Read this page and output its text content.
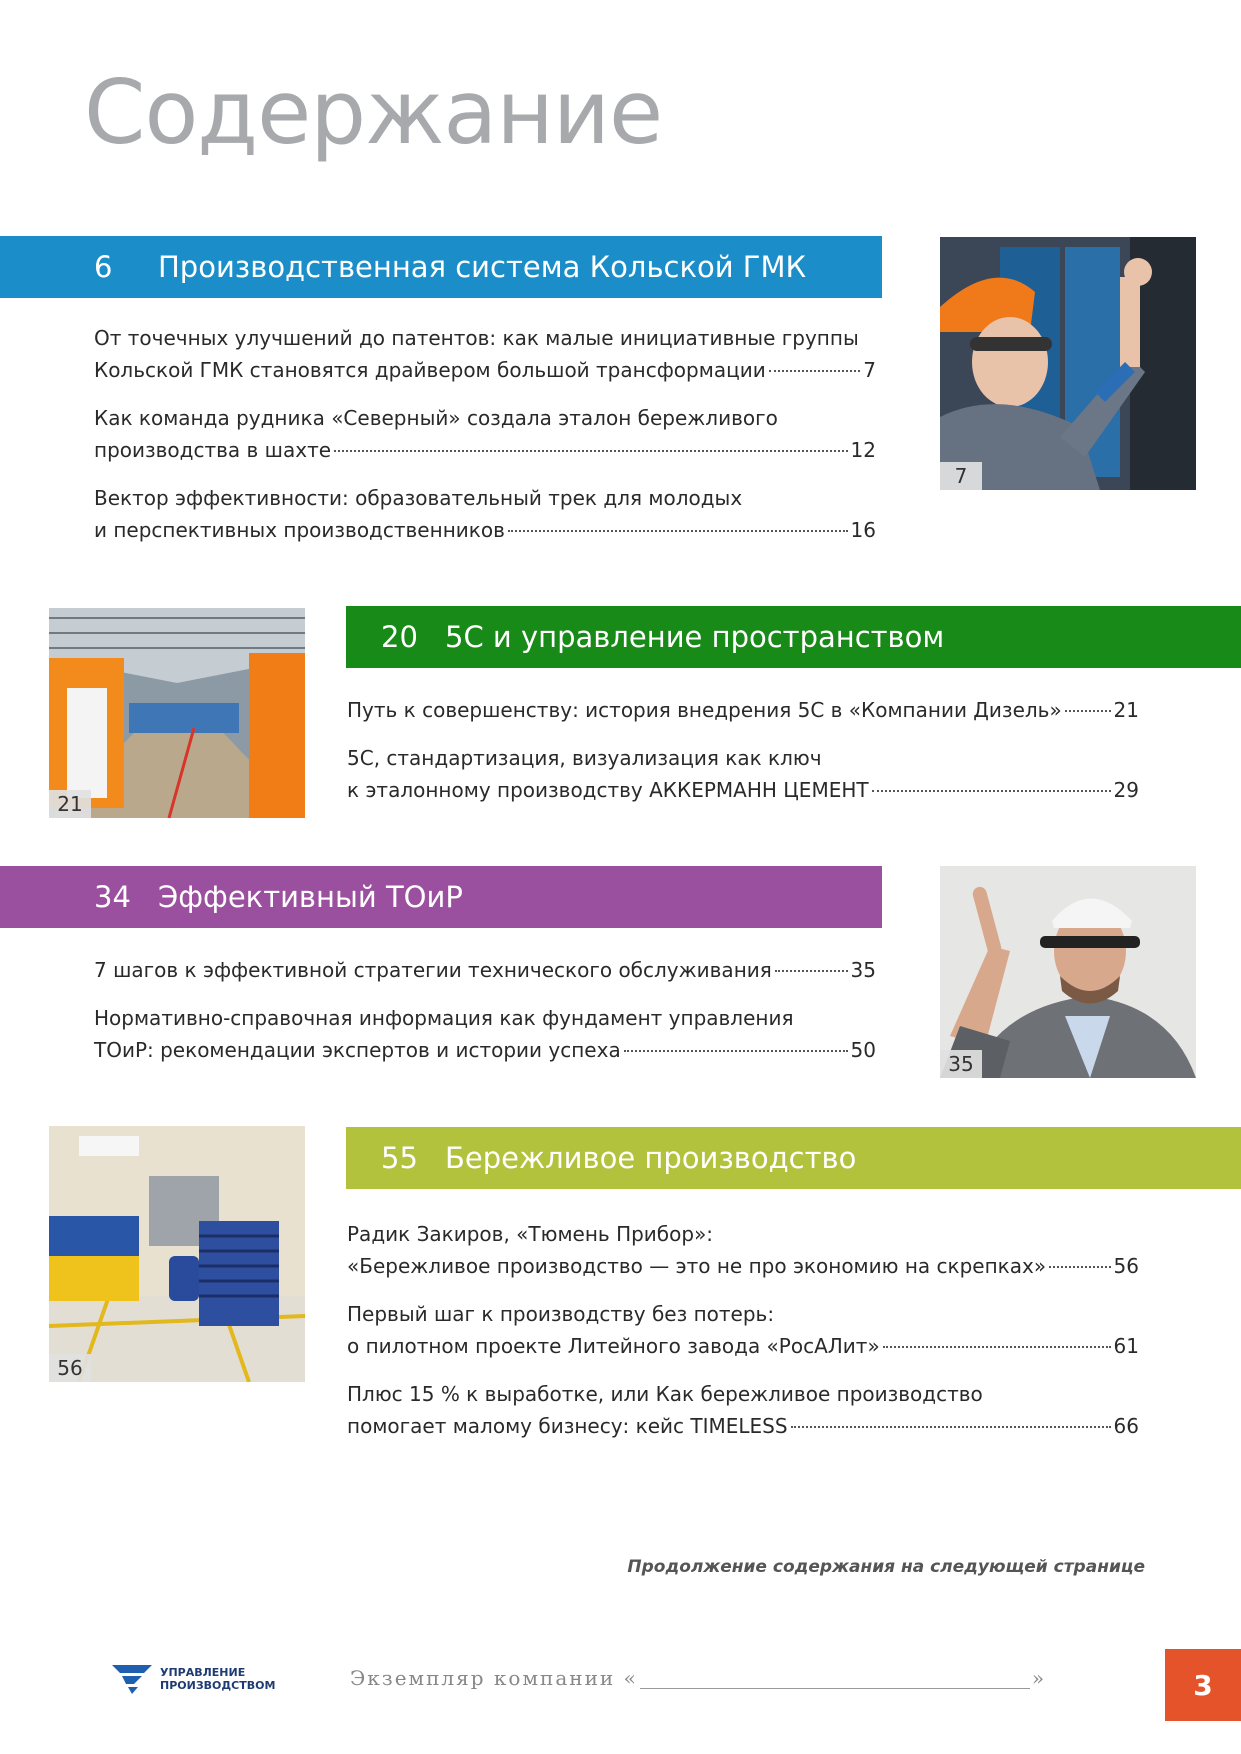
Содержание
6	Производственная система Кольской ГМК
7
От точечных улучшений до патентов: как малые инициативные группы
Кольской ГМК становятся драйвером большой трансформации	7
Как команда рудника «Северный» создала эталон бережливого
производства в шахте	12
Вектор эффективности: образовательный трек для молодых
и перспективных производственников	16
21
20 5С и управление пространством
Путь к совершенству: история внедрения 5С в «Компании Дизель»	21
5С, стандартизация, визуализация как ключ
к эталонному производству АККЕРМАНН ЦЕМЕНТ	29
34 Эффективный ТОиР
35
7 шагов к эффективной стратегии технического обслуживания	35
Нормативно-справочная информация как фундамент управления
ТОиР: рекомендации экспертов и истории успеха	50
56
55 Бережливое производство
Радик Закиров, «Тюмень Прибор»:
«Бережливое производство — это не про экономию на скрепках»	56
Первый шаг к производству без потерь:
о пилотном проекте Литейного завода «РосАЛит»	61
Плюс 15 % к выработке, или Как бережливое производство
помогает малому бизнесу: кейс TIMELESS	66
Продолжение содержания на следующей странице
УПРАВЛЕНИЕ
ПРОИЗВОДСТВОМ	Экземпляр компании «	»	3
